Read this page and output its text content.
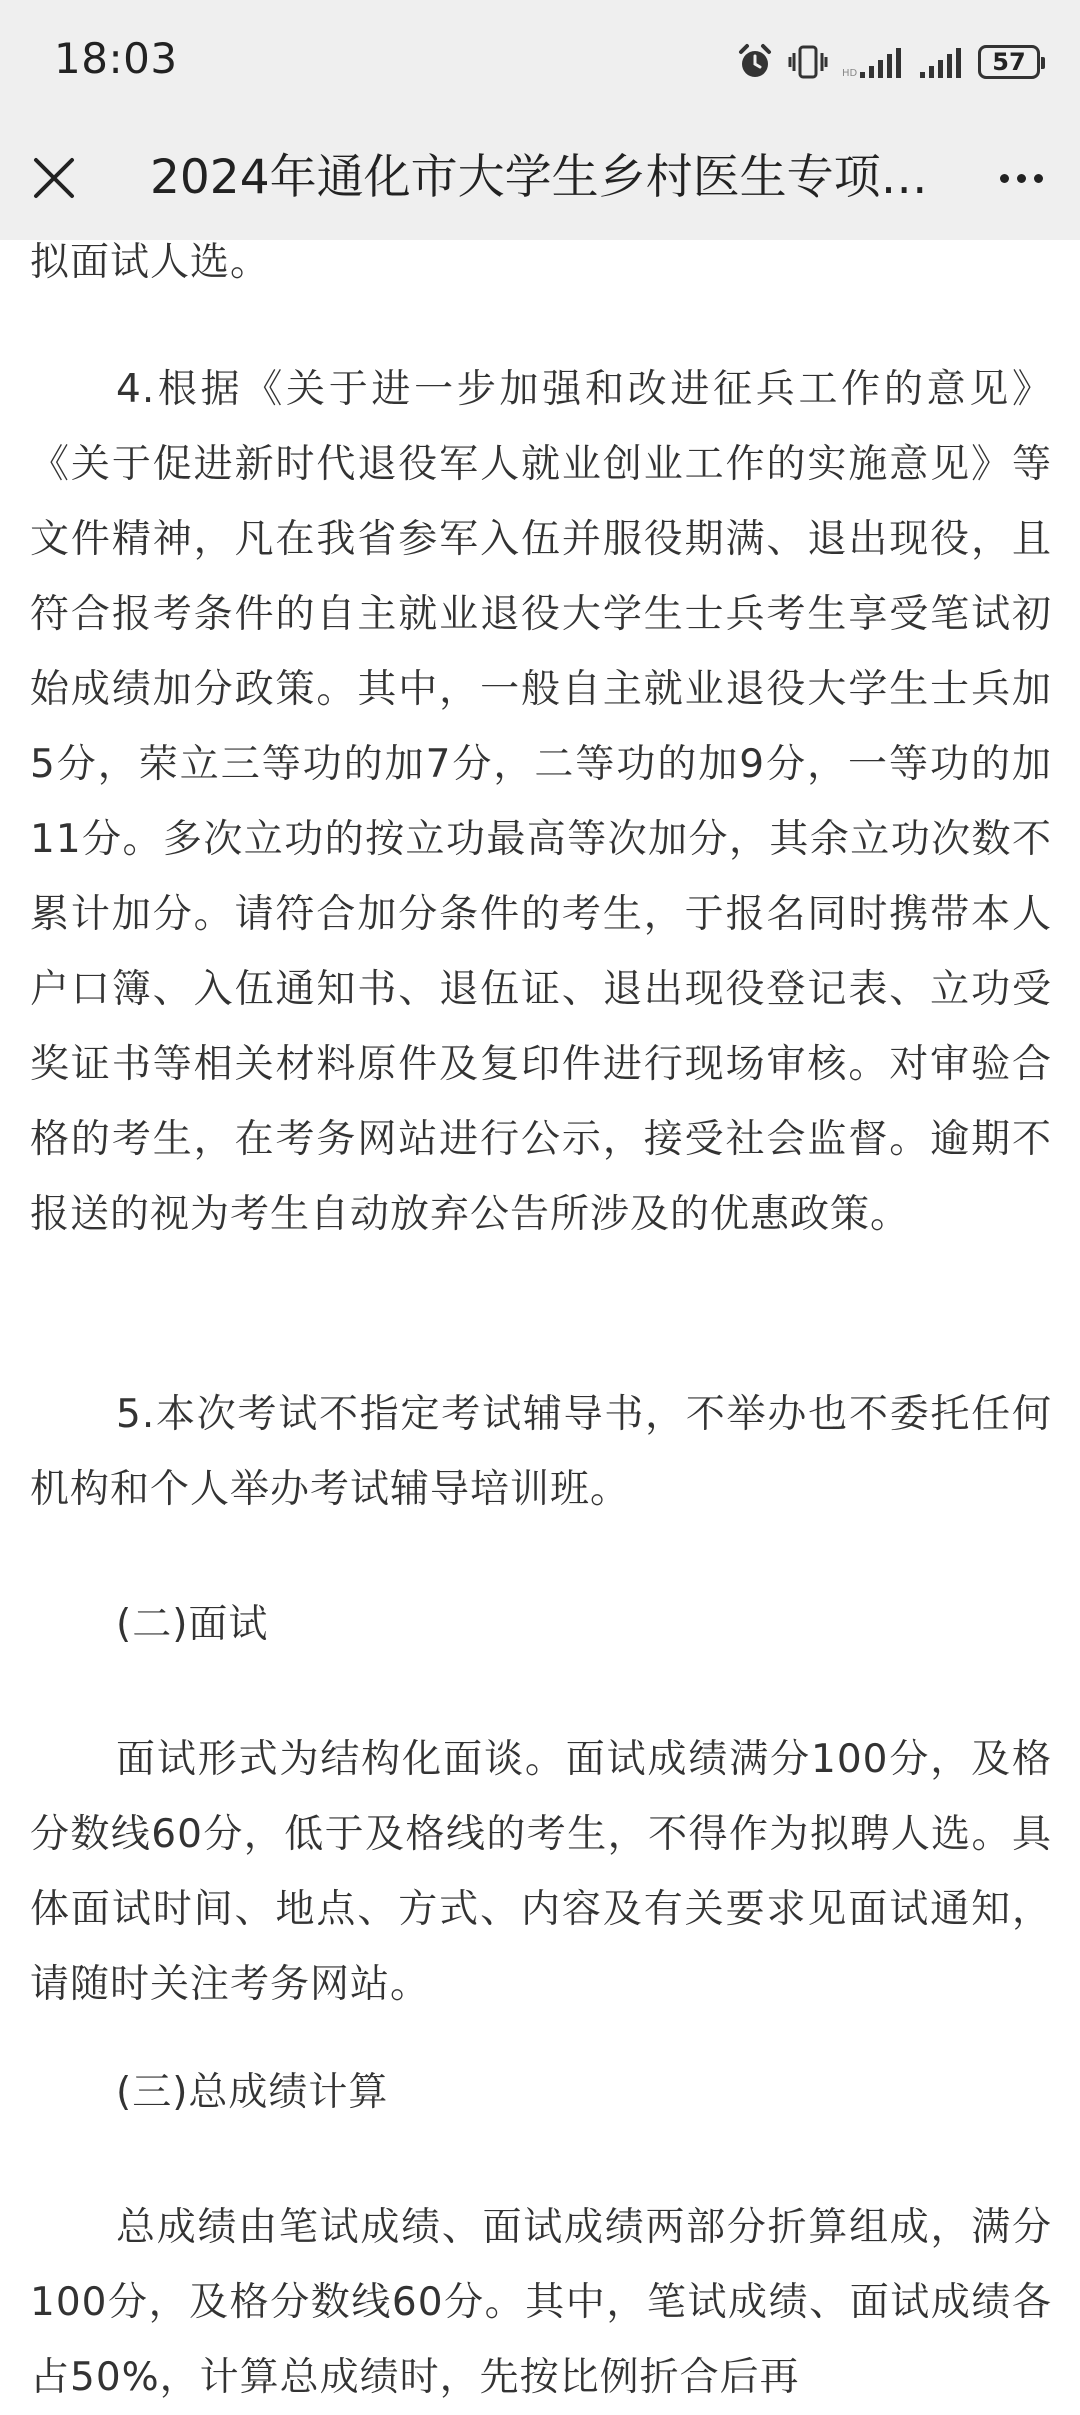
18:03	HD	57
2024年通化市大学生乡村医生专项…

拟面试人选。

4.根据《关于进一步加强和改进征兵工作的意见》《关于促进新时代退役军人就业创业工作的实施意见》等文件精神，凡在我省参军入伍并服役期满、退出现役，且符合报考条件的自主就业退役大学生士兵考生享受笔试初始成绩加分政策。其中，一般自主就业退役大学生士兵加5分，荣立三等功的加7分，二等功的加9分，一等功的加11分。多次立功的按立功最高等次加分，其余立功次数不累计加分。请符合加分条件的考生，于报名同时携带本人户口簿、入伍通知书、退伍证、退出现役登记表、立功受奖证书等相关材料原件及复印件进行现场审核。对审验合格的考生，在考务网站进行公示，接受社会监督。逾期不报送的视为考生自动放弃公告所涉及的优惠政策。

5.本次考试不指定考试辅导书，不举办也不委托任何机构和个人举办考试辅导培训班。

(二)面试

面试形式为结构化面谈。面试成绩满分100分，及格分数线60分，低于及格线的考生，不得作为拟聘人选。具体面试时间、地点、方式、内容及有关要求见面试通知，请随时关注考务网站。

(三)总成绩计算

总成绩由笔试成绩、面试成绩两部分折算组成，满分100分，及格分数线60分。其中，笔试成绩、面试成绩各占50%，计算总成绩时，先按比例折合后再
